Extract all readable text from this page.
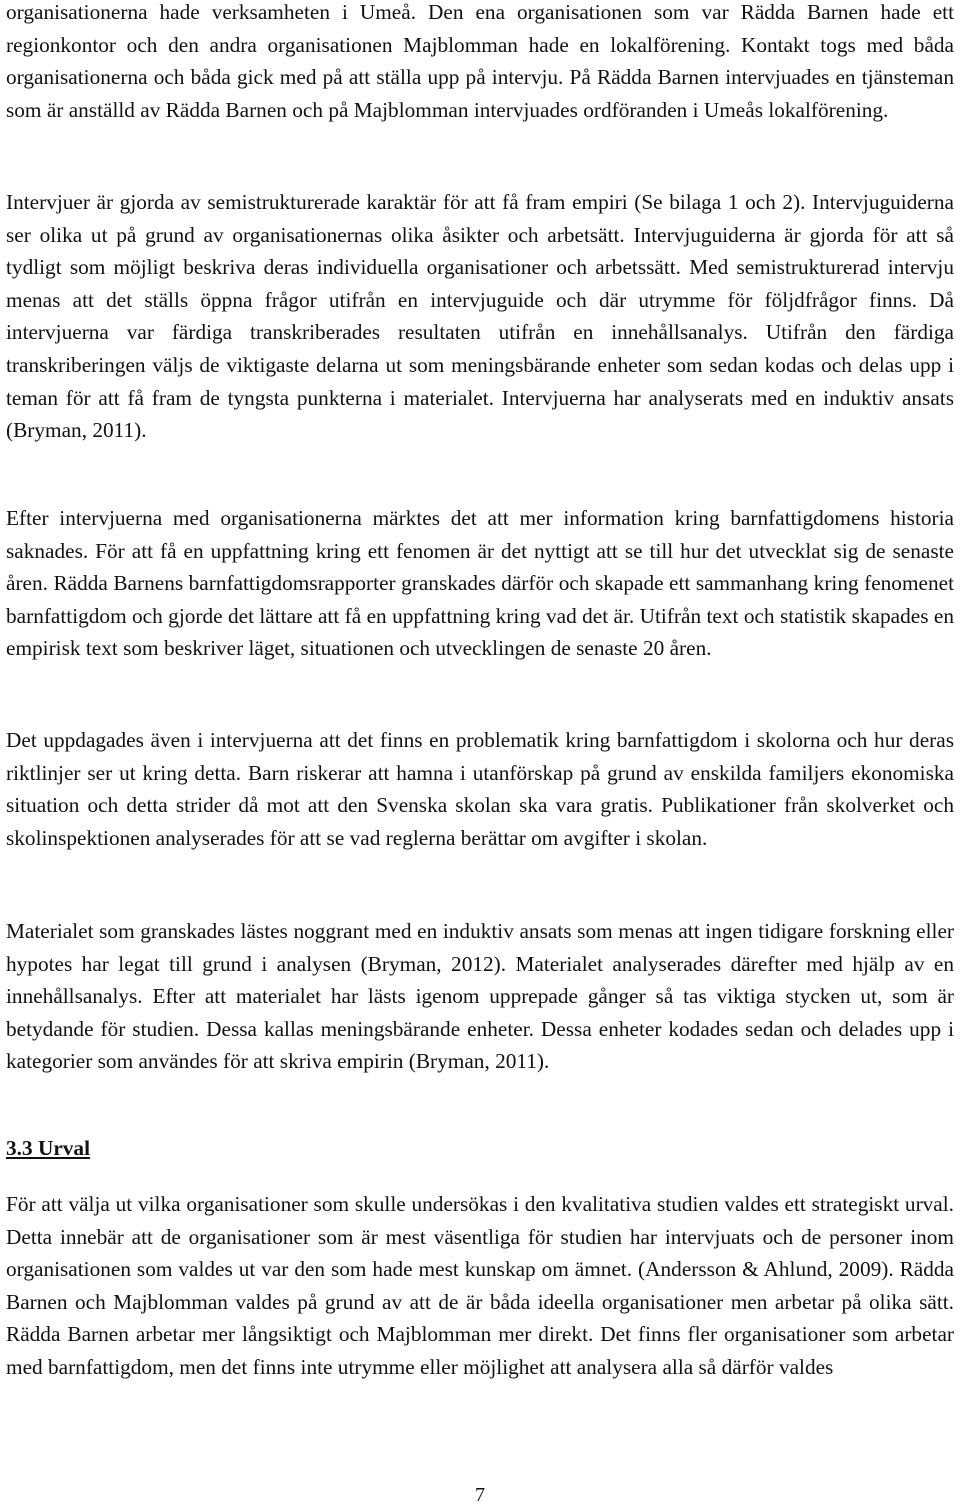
organisationerna hade verksamheten i Umeå. Den ena organisationen som var Rädda Barnen hade ett regionkontor och den andra organisationen Majblomman hade en lokalförening. Kontakt togs med båda organisationerna och båda gick med på att ställa upp på intervju. På Rädda Barnen intervjuades en tjänsteman som är anställd av Rädda Barnen och på Majblomman intervjuades ordföranden i Umeås lokalförening.

Intervjuer är gjorda av semistrukturerade karaktär för att få fram empiri (Se bilaga 1 och 2). Intervjuguiderna ser olika ut på grund av organisationernas olika åsikter och arbetsätt. Intervjuguiderna är gjorda för att så tydligt som möjligt beskriva deras individuella organisationer och arbetssätt. Med semistrukturerad intervju menas att det ställs öppna frågor utifrån en intervjuguide och där utrymme för följdfrågor finns. Då intervjuerna var färdiga transkriberades resultaten utifrån en innehållsanalys. Utifrån den färdiga transkriberingen väljs de viktigaste delarna ut som meningsbärande enheter som sedan kodas och delas upp i teman för att få fram de tyngsta punkterna i materialet. Intervjuerna har analyserats med en induktiv ansats (Bryman, 2011).

Efter intervjuerna med organisationerna märktes det att mer information kring barnfattigdomens historia saknades. För att få en uppfattning kring ett fenomen är det nyttigt att se till hur det utvecklat sig de senaste åren. Rädda Barnens barnfattigdomsrapporter granskades därför och skapade ett sammanhang kring fenomenet barnfattigdom och gjorde det lättare att få en uppfattning kring vad det är. Utifrån text och statistik skapades en empirisk text som beskriver läget, situationen och utvecklingen de senaste 20 åren.

Det uppdagades även i intervjuerna att det finns en problematik kring barnfattigdom i skolorna och hur deras riktlinjer ser ut kring detta. Barn riskerar att hamna i utanförskap på grund av enskilda familjers ekonomiska situation och detta strider då mot att den Svenska skolan ska vara gratis. Publikationer från skolverket och skolinspektionen analyserades för att se vad reglerna berättar om avgifter i skolan.

Materialet som granskades lästes noggrant med en induktiv ansats som menas att ingen tidigare forskning eller hypotes har legat till grund i analysen (Bryman, 2012). Materialet analyserades därefter med hjälp av en innehållsanalys. Efter att materialet har lästs igenom upprepade gånger så tas viktiga stycken ut, som är betydande för studien. Dessa kallas meningsbärande enheter. Dessa enheter kodades sedan och delades upp i kategorier som användes för att skriva empirin (Bryman, 2011).

3.3 Urval

För att välja ut vilka organisationer som skulle undersökas i den kvalitativa studien valdes ett strategiskt urval. Detta innebär att de organisationer som är mest väsentliga för studien har intervjuats och de personer inom organisationen som valdes ut var den som hade mest kunskap om ämnet. (Andersson & Ahlund, 2009). Rädda Barnen och Majblomman valdes på grund av att de är båda ideella organisationer men arbetar på olika sätt. Rädda Barnen arbetar mer långsiktigt och Majblomman mer direkt. Det finns fler organisationer som arbetar med barnfattigdom, men det finns inte utrymme eller möjlighet att analysera alla så därför valdes

7
